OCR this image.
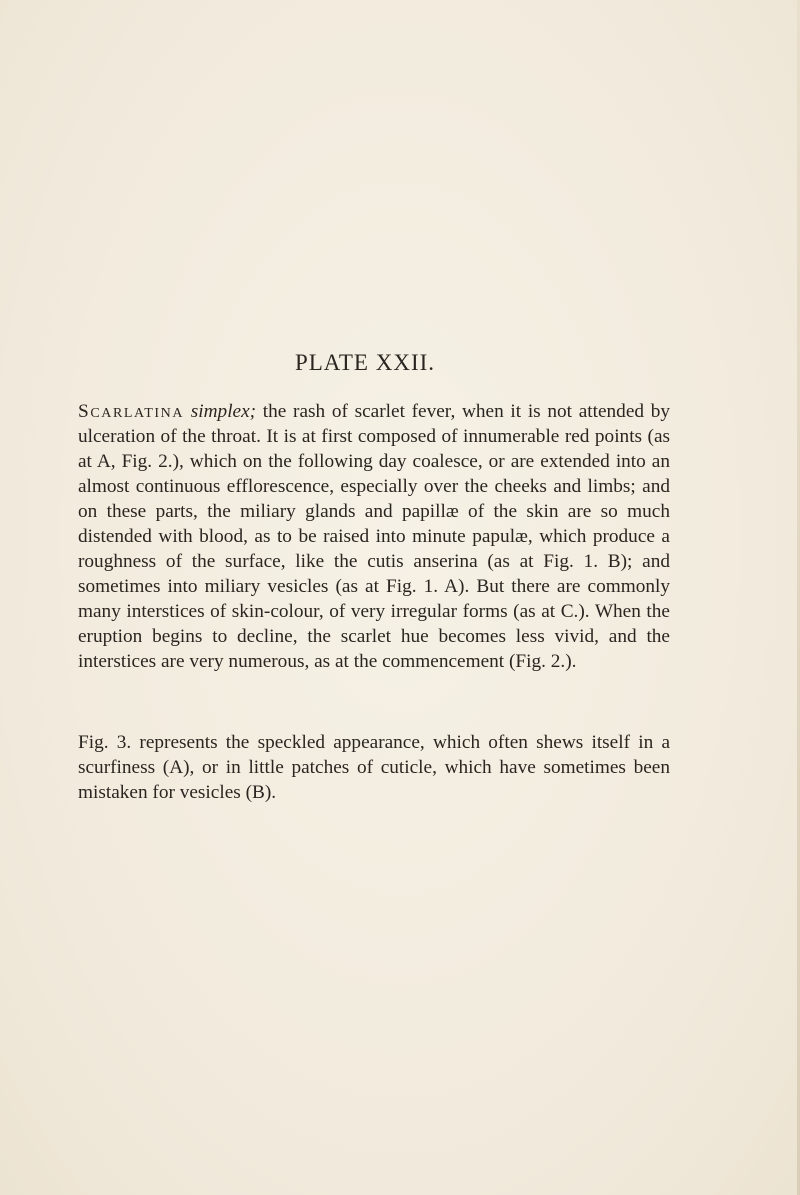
PLATE XXII.

Scarlatina simplex; the rash of scarlet fever, when it is not attended by ulceration of the throat. It is at first composed of innumerable red points (as at A, Fig. 2.), which on the following day coalesce, or are extended into an almost continuous efflorescence, especially over the cheeks and limbs; and on these parts, the miliary glands and papillæ of the skin are so much distended with blood, as to be raised into minute papulæ, which produce a roughness of the surface, like the cutis anserina (as at Fig. 1. B); and sometimes into miliary vesicles (as at Fig. 1. A). But there are commonly many interstices of skin-colour, of very irregular forms (as at C.). When the eruption begins to decline, the scarlet hue becomes less vivid, and the interstices are very numerous, as at the commencement (Fig. 2.).

Fig. 3. represents the speckled appearance, which often shews itself in a scurfiness (A), or in little patches of cuticle, which have sometimes been mistaken for vesicles (B).
